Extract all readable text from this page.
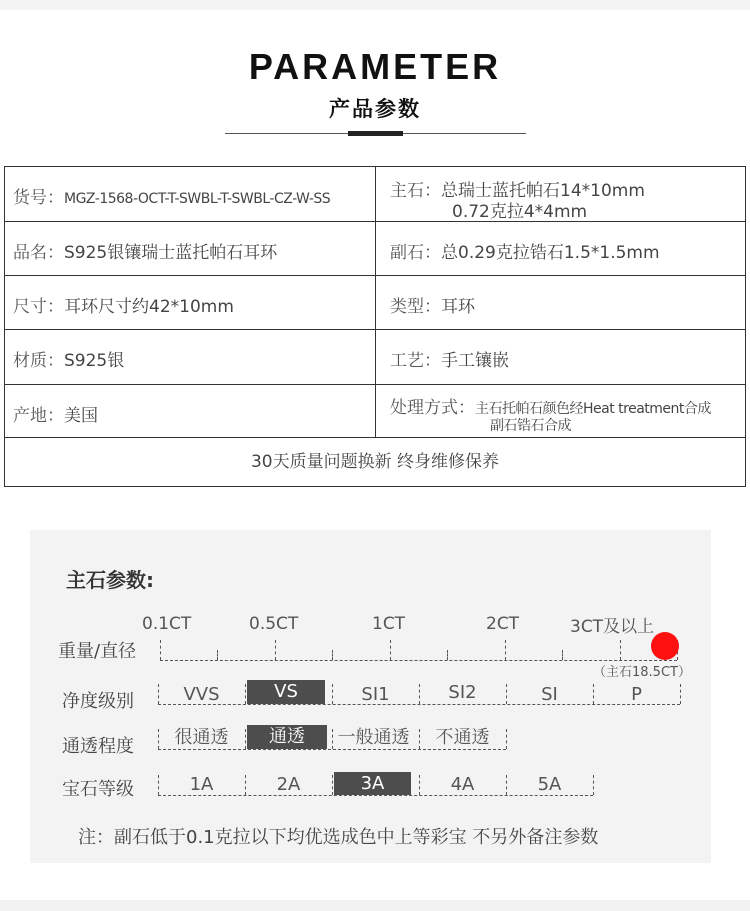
PARAMETER
产品参数
货号：MGZ-1568-OCT-T-SWBL-T-SWBL-CZ-W-SS	主石：总瑞士蓝托帕石14*10mm
0.72克拉4*4mm
品名：S925银镶瑞士蓝托帕石耳环	副石：总0.29克拉锆石1.5*1.5mm
尺寸：耳环尺寸约42*10mm	类型：耳环
材质：S925银	工艺：手工镶嵌
产地：美国	处理方式：主石托帕石颜色经Heat treatment合成
副石锆石合成
30天质量问题换新 终身维修保养
主石参数:
0.1CT	0.5CT	1CT	2CT	3CT及以上
重量/直径
（主石18.5CT）
净度级别	VVS	VS	SI1	SI2	SI	P
通透程度	很通透	通透	一般通透	不通透
宝石等级	1A	2A	3A	4A	5A
注：副石低于0.1克拉以下均优选成色中上等彩宝 不另外备注参数
